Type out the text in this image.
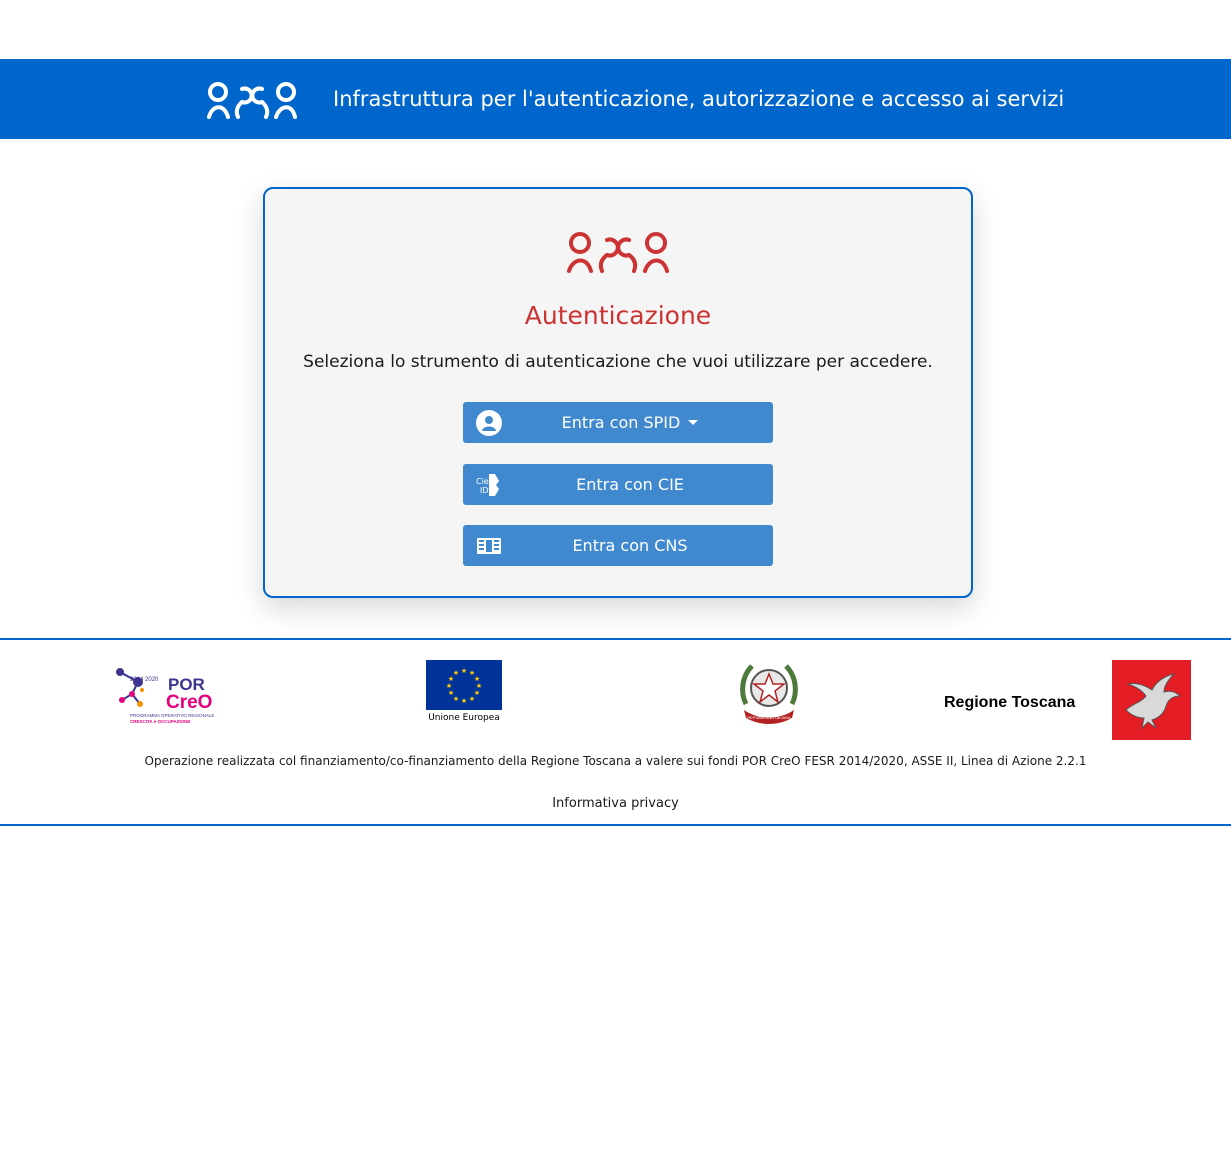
Infrastruttura per l'autenticazione, autorizzazione e accesso ai servizi
Autenticazione
Seleziona lo strumento di autenticazione che vuoi utilizzare per accedere.
Entra con SPID
Cie
ID	Entra con CIE
Entra con CNS
2014 2020 POR
CreO
PROGRAMMA OPERATIVO REGIONALE
CRESCITA e OCCUPAZIONE
★ ★
★
★
★
★
★
★
★
★
★
★
Unione Europea	REPVBBLICA ITALIANA
Regione Toscana
Operazione realizzata col finanziamento/co-finanziamento della Regione Toscana a valere sui fondi POR CreO FESR 2014/2020, ASSE II, Linea di Azione 2.2.1
Informativa privacy
